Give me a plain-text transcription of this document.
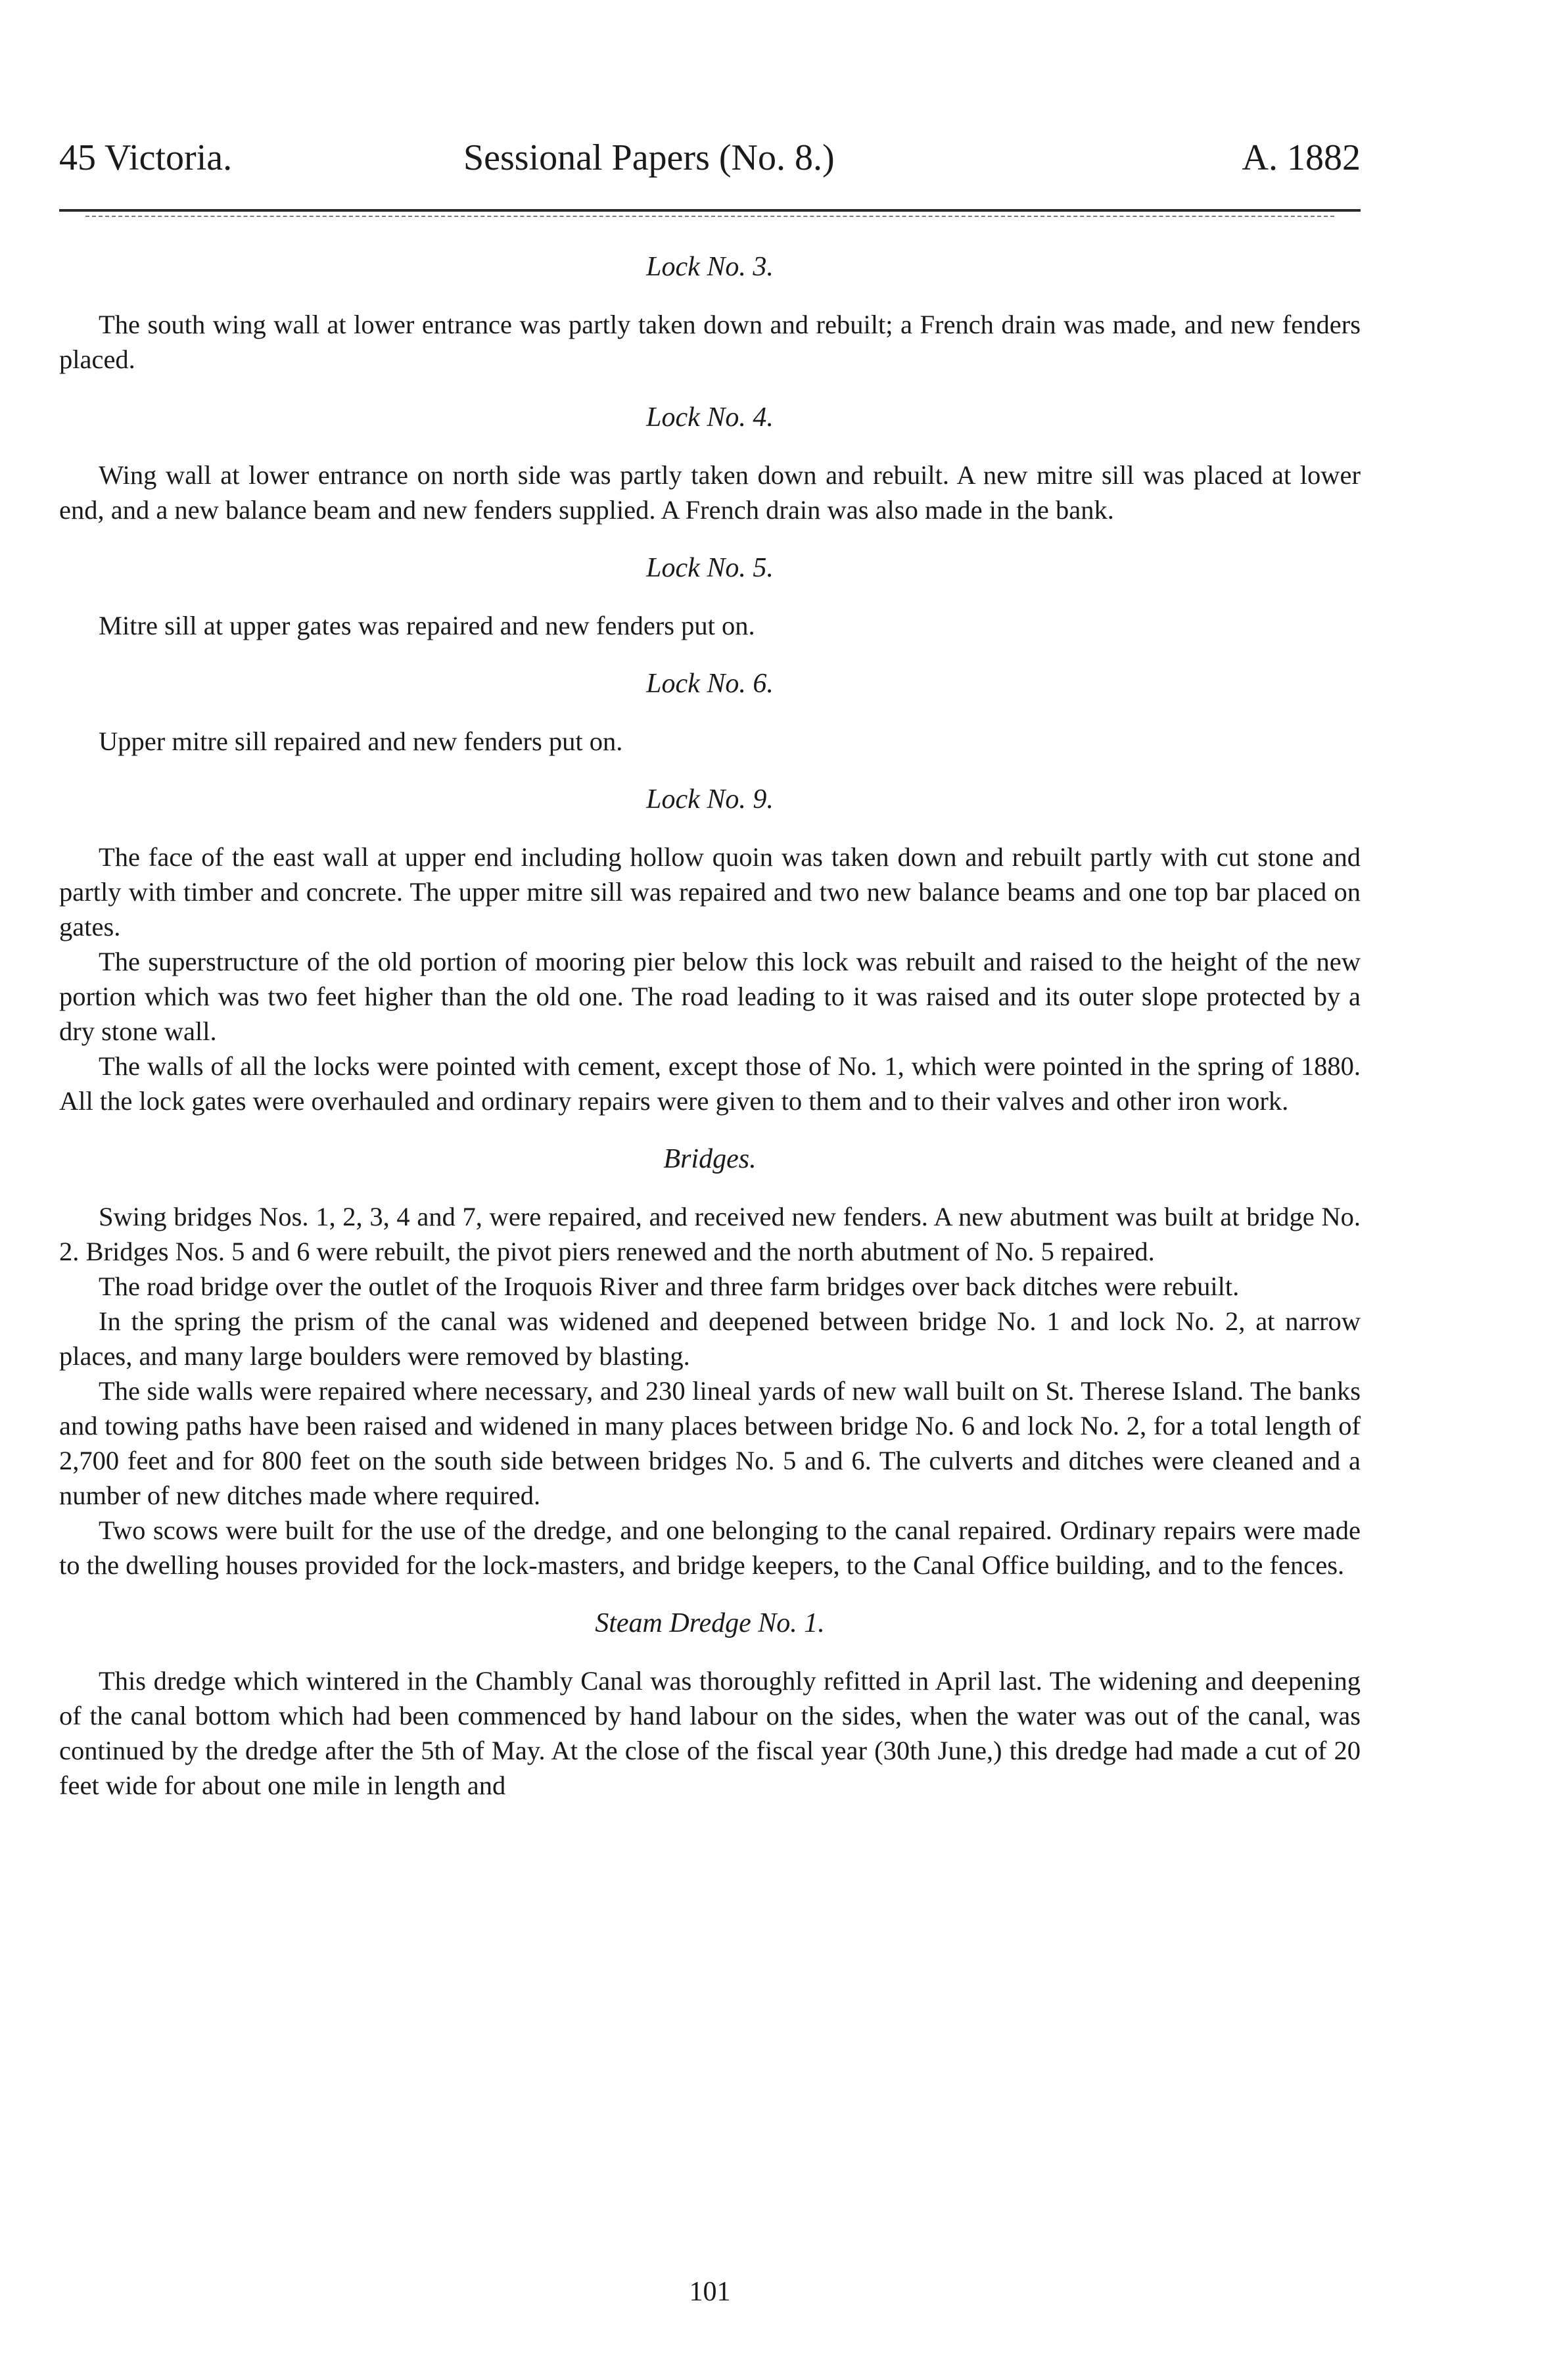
45 Victoria.	Sessional Papers (No. 8.)	A. 1882
Lock No. 3.

The south wing wall at lower entrance was partly taken down and rebuilt; a French drain was made, and new fenders placed.

Lock No. 4.

Wing wall at lower entrance on north side was partly taken down and rebuilt. A new mitre sill was placed at lower end, and a new balance beam and new fenders supplied. A French drain was also made in the bank.

Lock No. 5.

Mitre sill at upper gates was repaired and new fenders put on.

Lock No. 6.

Upper mitre sill repaired and new fenders put on.

Lock No. 9.

The face of the east wall at upper end including hollow quoin was taken down and rebuilt partly with cut stone and partly with timber and concrete. The upper mitre sill was repaired and two new balance beams and one top bar placed on gates.

The superstructure of the old portion of mooring pier below this lock was rebuilt and raised to the height of the new portion which was two feet higher than the old one. The road leading to it was raised and its outer slope protected by a dry stone wall.

The walls of all the locks were pointed with cement, except those of No. 1, which were pointed in the spring of 1880. All the lock gates were overhauled and ordinary repairs were given to them and to their valves and other iron work.

Bridges.

Swing bridges Nos. 1, 2, 3, 4 and 7, were repaired, and received new fenders. A new abutment was built at bridge No. 2. Bridges Nos. 5 and 6 were rebuilt, the pivot piers renewed and the north abutment of No. 5 repaired.

The road bridge over the outlet of the Iroquois River and three farm bridges over back ditches were rebuilt.

In the spring the prism of the canal was widened and deepened between bridge No. 1 and lock No. 2, at narrow places, and many large boulders were removed by blasting.

The side walls were repaired where necessary, and 230 lineal yards of new wall built on St. Therese Island. The banks and towing paths have been raised and widened in many places between bridge No. 6 and lock No. 2, for a total length of 2,700 feet and for 800 feet on the south side between bridges No. 5 and 6. The culverts and ditches were cleaned and a number of new ditches made where required.

Two scows were built for the use of the dredge, and one belonging to the canal repaired. Ordinary repairs were made to the dwelling houses provided for the lock-masters, and bridge keepers, to the Canal Office building, and to the fences.

Steam Dredge No. 1.

This dredge which wintered in the Chambly Canal was thoroughly refitted in April last. The widening and deepening of the canal bottom which had been commenced by hand labour on the sides, when the water was out of the canal, was continued by the dredge after the 5th of May. At the close of the fiscal year (30th June,) this dredge had made a cut of 20 feet wide for about one mile in length and

101
